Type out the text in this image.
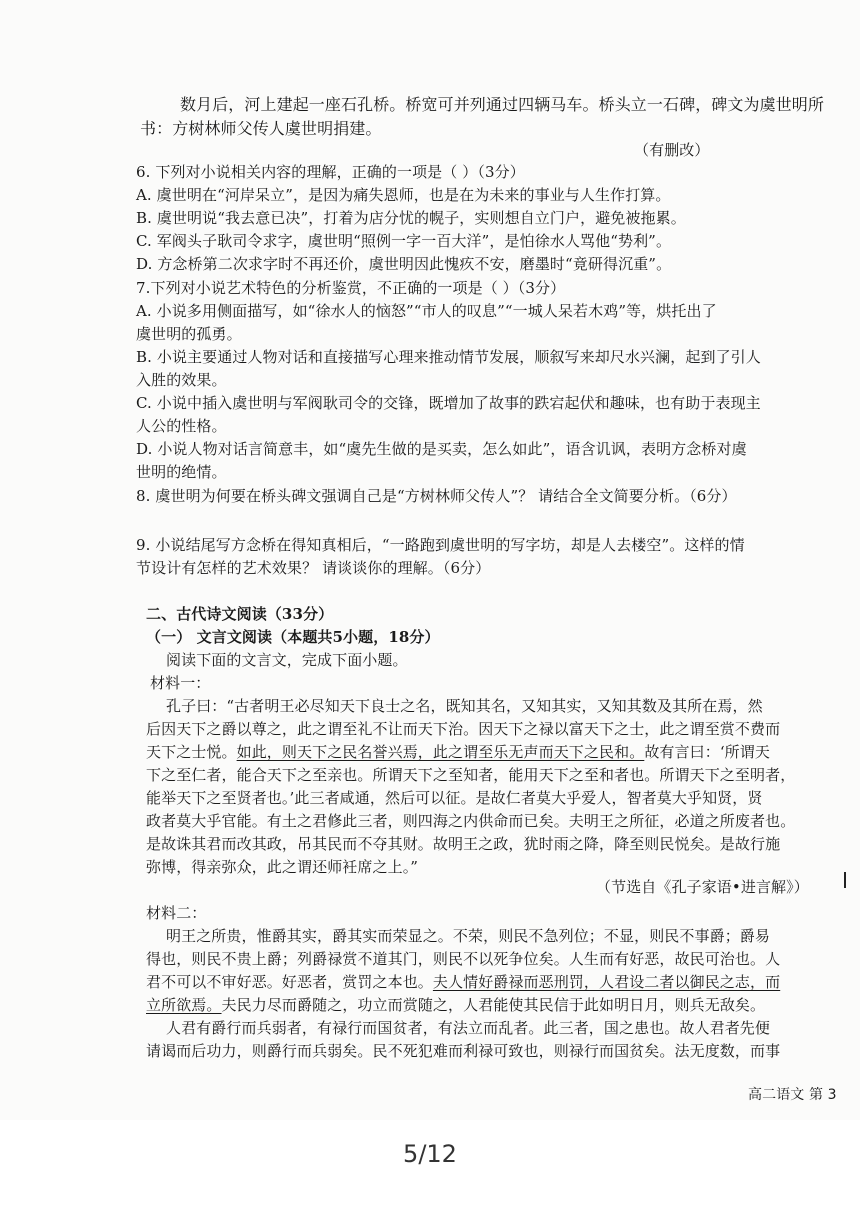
数月后，河上建起一座石孔桥。桥宽可并列通过四辆马车。桥头立一石碑，碑文为虞世明所
书：方树林师父传人虞世明捐建。
（有删改）
6. 下列对小说相关内容的理解，正确的一项是（ ）（3分）
A. 虞世明在“河岸呆立”，是因为痛失恩师，也是在为未来的事业与人生作打算。
B. 虞世明说“我去意已决”，打着为店分忧的幌子，实则想自立门户，避免被拖累。
C. 军阀头子耿司令求字，虞世明“照例一字一百大洋”，是怕徐水人骂他“势利”。
D. 方念桥第二次求字时不再还价，虞世明因此愧疚不安，磨墨时“竟研得沉重”。
7.下列对小说艺术特色的分析鉴赏，不正确的一项是（ ）（3分）
A. 小说多用侧面描写，如“徐水人的恼怒”“市人的叹息”“一城人呆若木鸡”等，烘托出了
虞世明的孤勇。
B. 小说主要通过人物对话和直接描写心理来推动情节发展，顺叙写来却尺水兴澜，起到了引人
入胜的效果。
C. 小说中插入虞世明与军阀耿司令的交锋，既增加了故事的跌宕起伏和趣味，也有助于表现主
人公的性格。
D. 小说人物对话言简意丰，如“虞先生做的是买卖，怎么如此”，语含讥讽，表明方念桥对虞
世明的绝情。
8. 虞世明为何要在桥头碑文强调自己是“方树林师父传人”？ 请结合全文简要分析。（6分）
9. 小说结尾写方念桥在得知真相后，“一路跑到虞世明的写字坊，却是人去楼空”。这样的情
节设计有怎样的艺术效果？ 请谈谈你的理解。（6分）
二、古代诗文阅读（33分）
（一） 文言文阅读（本题共5小题，18分）
阅读下面的文言文，完成下面小题。
材料一：
孔子曰：“古者明王必尽知天下良士之名，既知其名，又知其实，又知其数及其所在焉，然
后因天下之爵以尊之，此之谓至礼不让而天下治。因天下之禄以富天下之士，此之谓至赏不费而
天下之士悦。如此，则天下之民名誉兴焉，此之谓至乐无声而天下之民和。故有言曰：‘所谓天
下之至仁者，能合天下之至亲也。所谓天下之至知者，能用天下之至和者也。所谓天下之至明者，
能举天下之至贤者也。’此三者咸通，然后可以征。是故仁者莫大乎爱人，智者莫大乎知贤，贤
政者莫大乎官能。有土之君修此三者，则四海之内供命而已矣。夫明王之所征，必道之所废者也。
是故诛其君而改其政，吊其民而不夺其财。故明王之政，犹时雨之降，降至则民悦矣。是故行施
弥博，得亲弥众，此之谓还师衽席之上。”
（节选自《孔子家语•进言解》）
材料二：
明王之所贵，惟爵其实，爵其实而荣显之。不荣，则民不急列位；不显，则民不事爵；爵易
得也，则民不贵上爵；列爵禄赏不道其门，则民不以死争位矣。人生而有好恶，故民可治也。人
君不可以不审好恶。好恶者，赏罚之本也。夫人情好爵禄而恶刑罚，人君设二者以御民之志，而
立所欲焉。夫民力尽而爵随之，功立而赏随之，人君能使其民信于此如明日月，则兵无敌矣。
人君有爵行而兵弱者，有禄行而国贫者，有法立而乱者。此三者，国之患也。故人君者先便
请谒而后功力，则爵行而兵弱矣。民不死犯难而利禄可致也，则禄行而国贫矣。法无度数，而事
高二语文 第 3
5/12
